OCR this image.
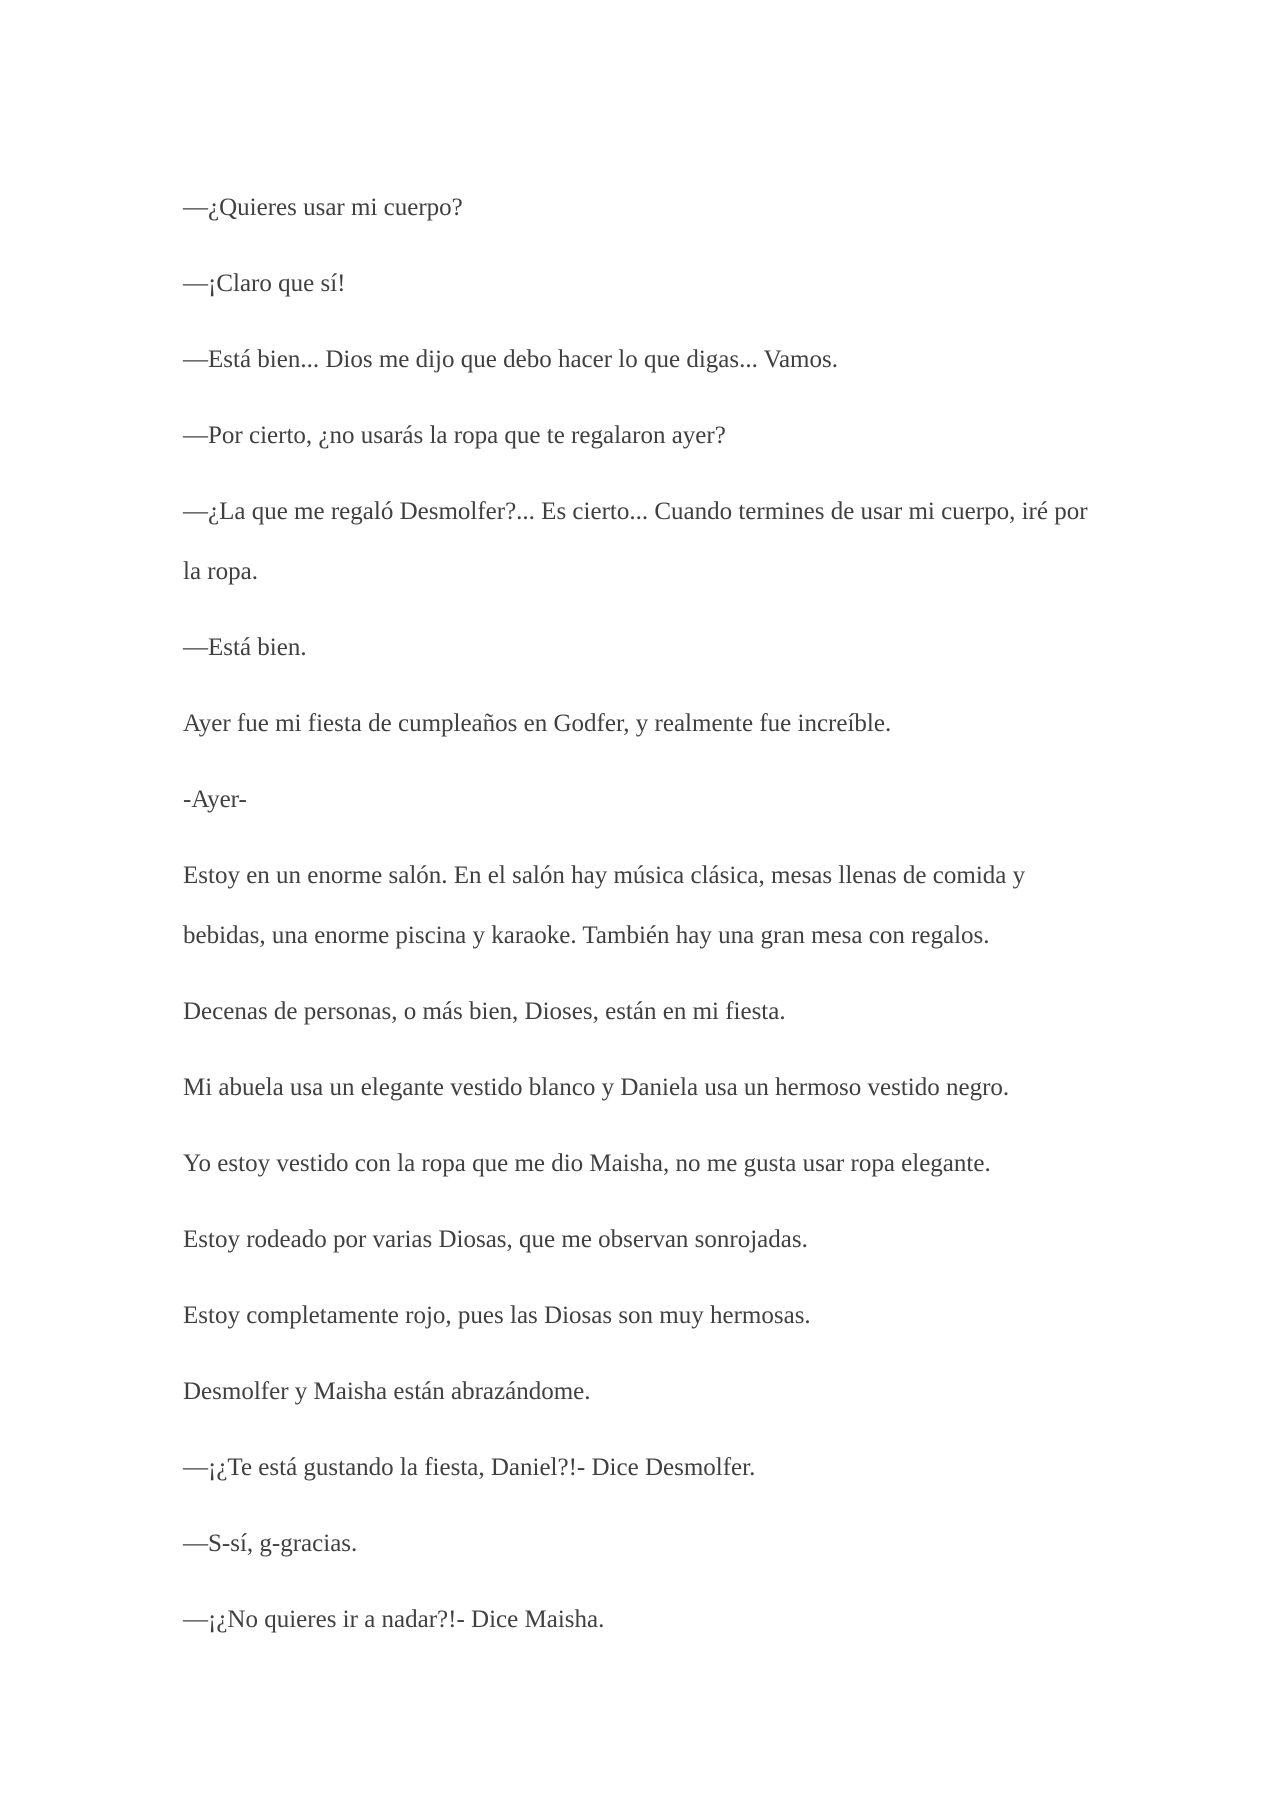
—¿Quieres usar mi cuerpo?

—¡Claro que sí!

—Está bien... Dios me dijo que debo hacer lo que digas... Vamos.

—Por cierto, ¿no usarás la ropa que te regalaron ayer?

—¿La que me regaló Desmolfer?... Es cierto... Cuando termines de usar mi cuerpo, iré por la ropa.

—Está bien.

Ayer fue mi fiesta de cumpleaños en Godfer, y realmente fue increíble.

-Ayer-

Estoy en un enorme salón. En el salón hay música clásica, mesas llenas de comida y bebidas, una enorme piscina y karaoke. También hay una gran mesa con regalos.

Decenas de personas, o más bien, Dioses, están en mi fiesta.

Mi abuela usa un elegante vestido blanco y Daniela usa un hermoso vestido negro.

Yo estoy vestido con la ropa que me dio Maisha, no me gusta usar ropa elegante.

Estoy rodeado por varias Diosas, que me observan sonrojadas.

Estoy completamente rojo, pues las Diosas son muy hermosas.

Desmolfer y Maisha están abrazándome.

—¡¿Te está gustando la fiesta, Daniel?!- Dice Desmolfer.

—S-sí, g-gracias.

—¡¿No quieres ir a nadar?!- Dice Maisha.
